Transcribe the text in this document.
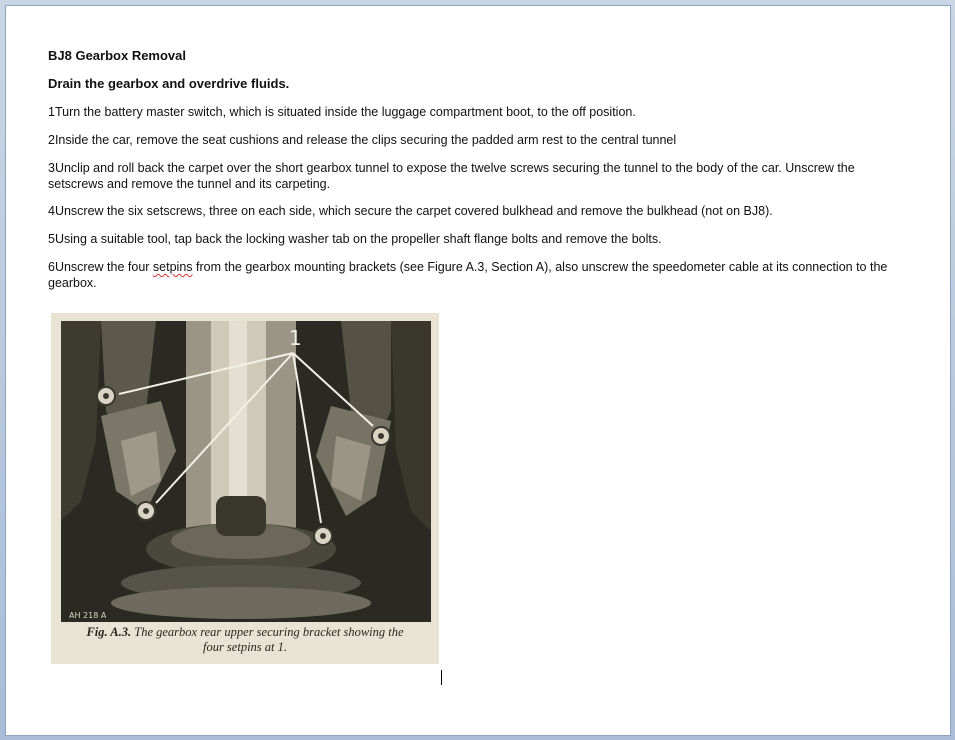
BJ8 Gearbox Removal
Drain the gearbox and overdrive fluids.
1Turn the battery master switch, which is situated inside the luggage compartment boot, to the off position.
2Inside the car, remove the seat cushions and release the clips securing the padded arm rest to the central tunnel
3Unclip and roll back the carpet over the short gearbox tunnel to expose the twelve screws securing the tunnel to the body of the car. Unscrew the setscrews and remove the tunnel and its carpeting.
4Unscrew the six setscrews, three on each side, which secure the carpet covered bulkhead and remove the bulkhead (not on BJ8).
5Using a suitable tool, tap back the locking washer tab on the propeller shaft flange bolts and remove the bolts.
6Unscrew the four setpins from the gearbox mounting brackets (see Figure A.3, Section A), also unscrew the speedometer cable at its connection to the gearbox.
1
AH 218 A
Fig. A.3. The gearbox rear upper securing bracket showing the
four setpins at 1.
